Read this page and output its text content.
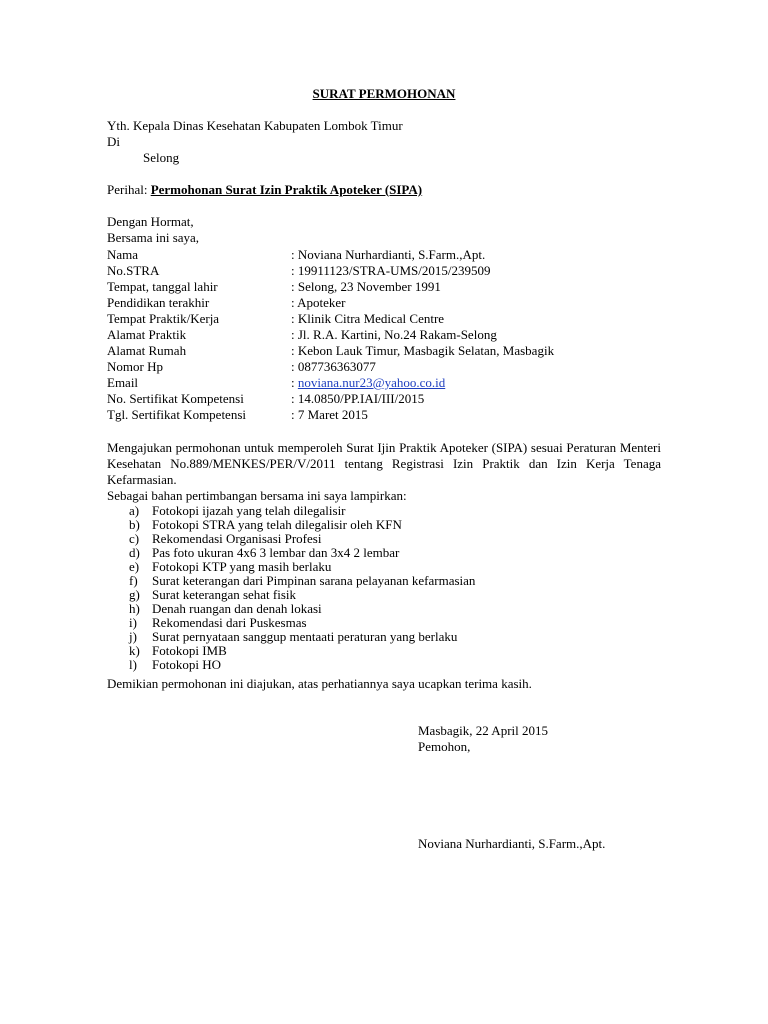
SURAT PERMOHONAN
Yth. Kepala Dinas Kesehatan Kabupaten Lombok Timur
Di
Selong
Perihal: Permohonan Surat Izin Praktik Apoteker (SIPA)
Dengan Hormat,
Bersama ini saya,
Nama	: Noviana Nurhardianti, S.Farm.,Apt.
No.STRA	: 19911123/STRA-UMS/2015/239509
Tempat, tanggal lahir	: Selong, 23 November 1991
Pendidikan terakhir	: Apoteker
Tempat Praktik/Kerja	: Klinik Citra Medical Centre
Alamat Praktik	: Jl. R.A. Kartini, No.24 Rakam-Selong
Alamat Rumah	: Kebon Lauk Timur, Masbagik Selatan, Masbagik
Nomor Hp	: 087736363077
Email	: noviana.nur23@yahoo.co.id
No. Sertifikat Kompetensi	: 14.0850/PP.IAI/III/2015
Tgl. Sertifikat Kompetensi	: 7 Maret 2015
Mengajukan permohonan untuk memperoleh Surat Ijin Praktik Apoteker (SIPA) sesuai Peraturan Menteri Kesehatan No.889/MENKES/PER/V/2011 tentang Registrasi Izin Praktik dan Izin Kerja Tenaga Kefarmasian.
Sebagai bahan pertimbangan bersama ini saya lampirkan:
a) Fotokopi ijazah yang telah dilegalisir
b) Fotokopi STRA yang telah dilegalisir oleh KFN
c) Rekomendasi Organisasi Profesi
d) Pas foto ukuran 4x6 3 lembar dan 3x4 2 lembar
e) Fotokopi KTP yang masih berlaku
f) Surat keterangan dari Pimpinan sarana pelayanan kefarmasian
g) Surat keterangan sehat fisik
h) Denah ruangan dan denah lokasi
i) Rekomendasi dari Puskesmas
j) Surat pernyataan sanggup mentaati peraturan yang berlaku
k) Fotokopi IMB
l) Fotokopi HO
Demikian permohonan ini diajukan, atas perhatiannya saya ucapkan terima kasih.
Masbagik, 22 April 2015
Pemohon,
Noviana Nurhardianti, S.Farm.,Apt.
